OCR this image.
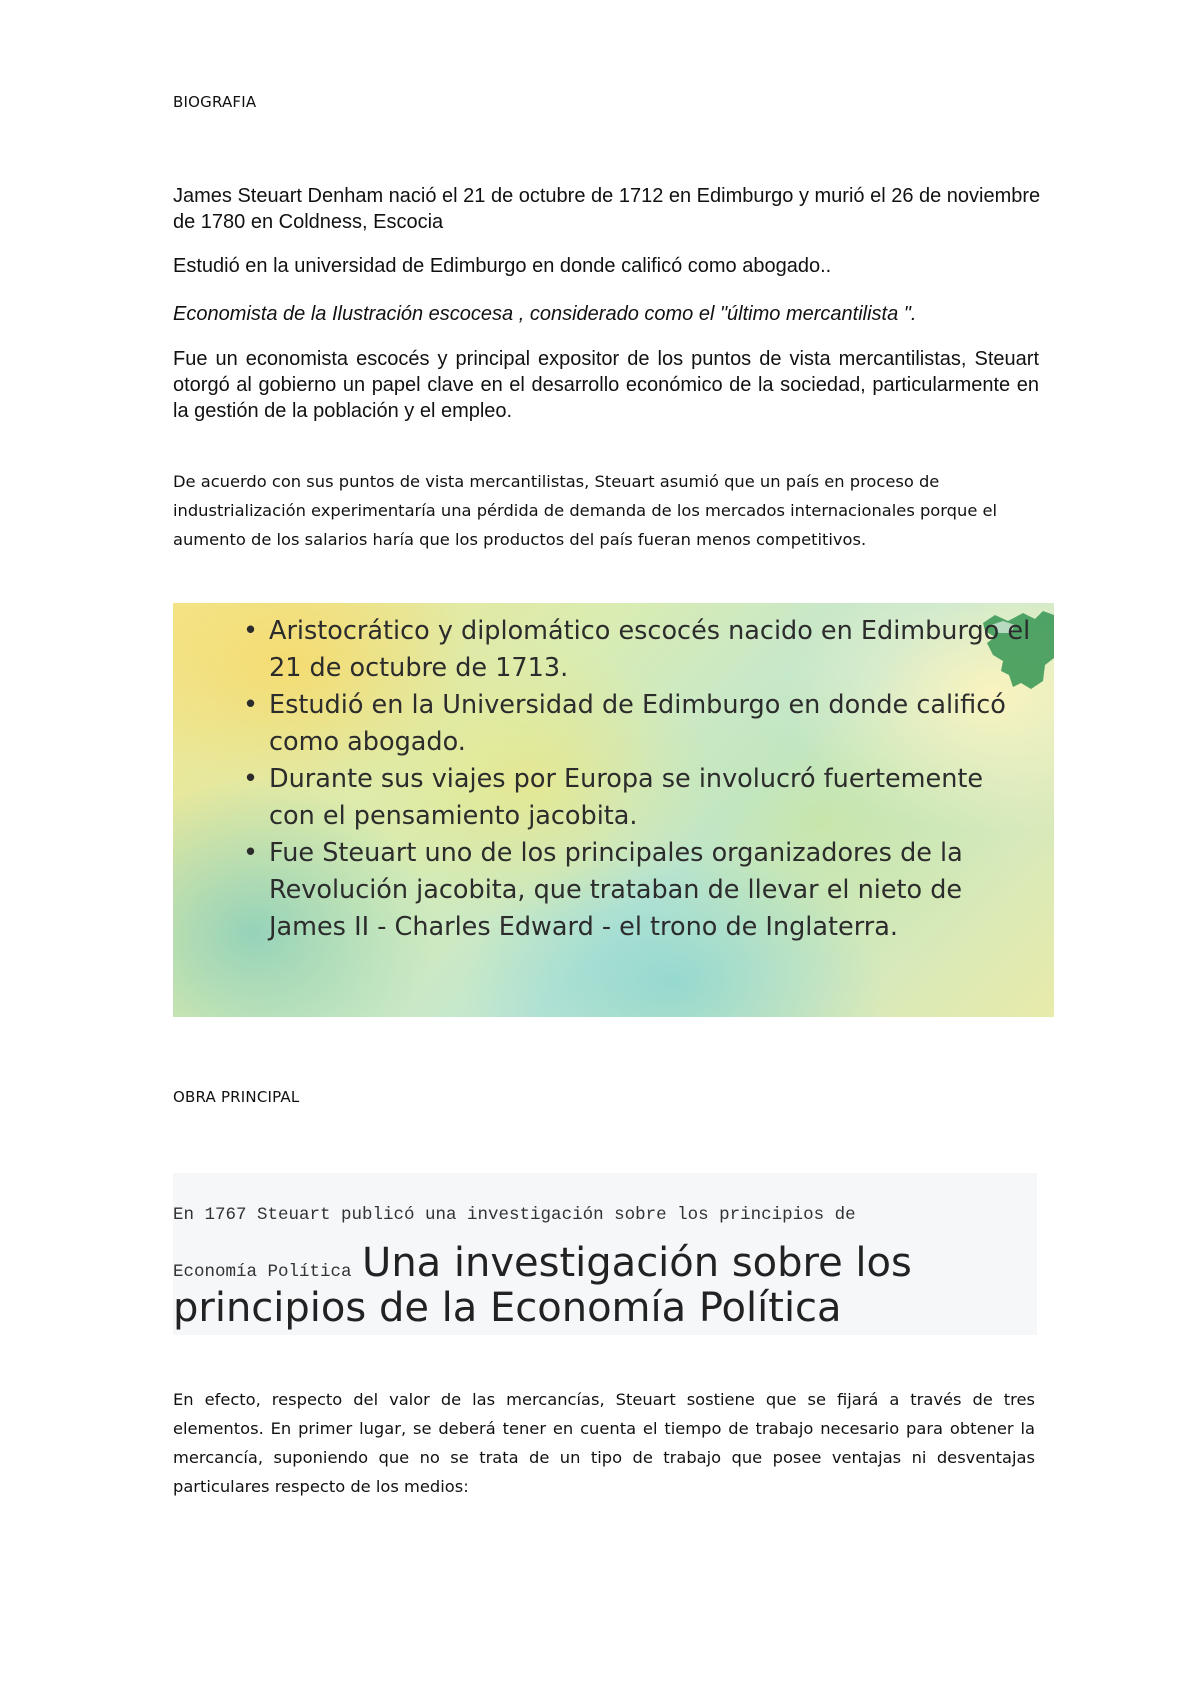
BIOGRAFIA
James Steuart Denham nació el 21 de octubre de 1712 en Edimburgo y murió el 26 de noviembre de 1780 en Coldness, Escocia
Estudió en la universidad de Edimburgo en donde calificó como abogado..
Economista de la Ilustración escocesa , considerado como el "último mercantilista ".
Fue un economista escocés y principal expositor de los puntos de vista mercantilistas, Steuart otorgó al gobierno un papel clave en el desarrollo económico de la sociedad, particularmente en la gestión de la población y el empleo.
De acuerdo con sus puntos de vista mercantilistas, Steuart asumió que un país en proceso de industrialización experimentaría una pérdida de demanda de los mercados internacionales porque el aumento de los salarios haría que los productos del país fueran menos competitivos.
• Aristocrático y diplomático escocés nacido en Edimburgo el 21 de octubre de 1713.
• Estudió en la Universidad de Edimburgo en donde calificó como abogado.
• Durante sus viajes por Europa se involucró fuertemente con el pensamiento jacobita.
• Fue Steuart uno de los principales organizadores de la Revolución jacobita, que trataban de llevar el nieto de James II - Charles Edward - el trono de Inglaterra.
OBRA PRINCIPAL
En 1767 Steuart publicó una investigación sobre los principios de
Economía Política Una investigación sobre los
principios de la Economía Política
En efecto, respecto del valor de las mercancías, Steuart sostiene que se fijará a través de tres elementos. En primer lugar, se deberá tener en cuenta el tiempo de trabajo necesario para obtener la mercancía, suponiendo que no se trata de un tipo de trabajo que posee ventajas ni desventajas particulares respecto de los medios:
